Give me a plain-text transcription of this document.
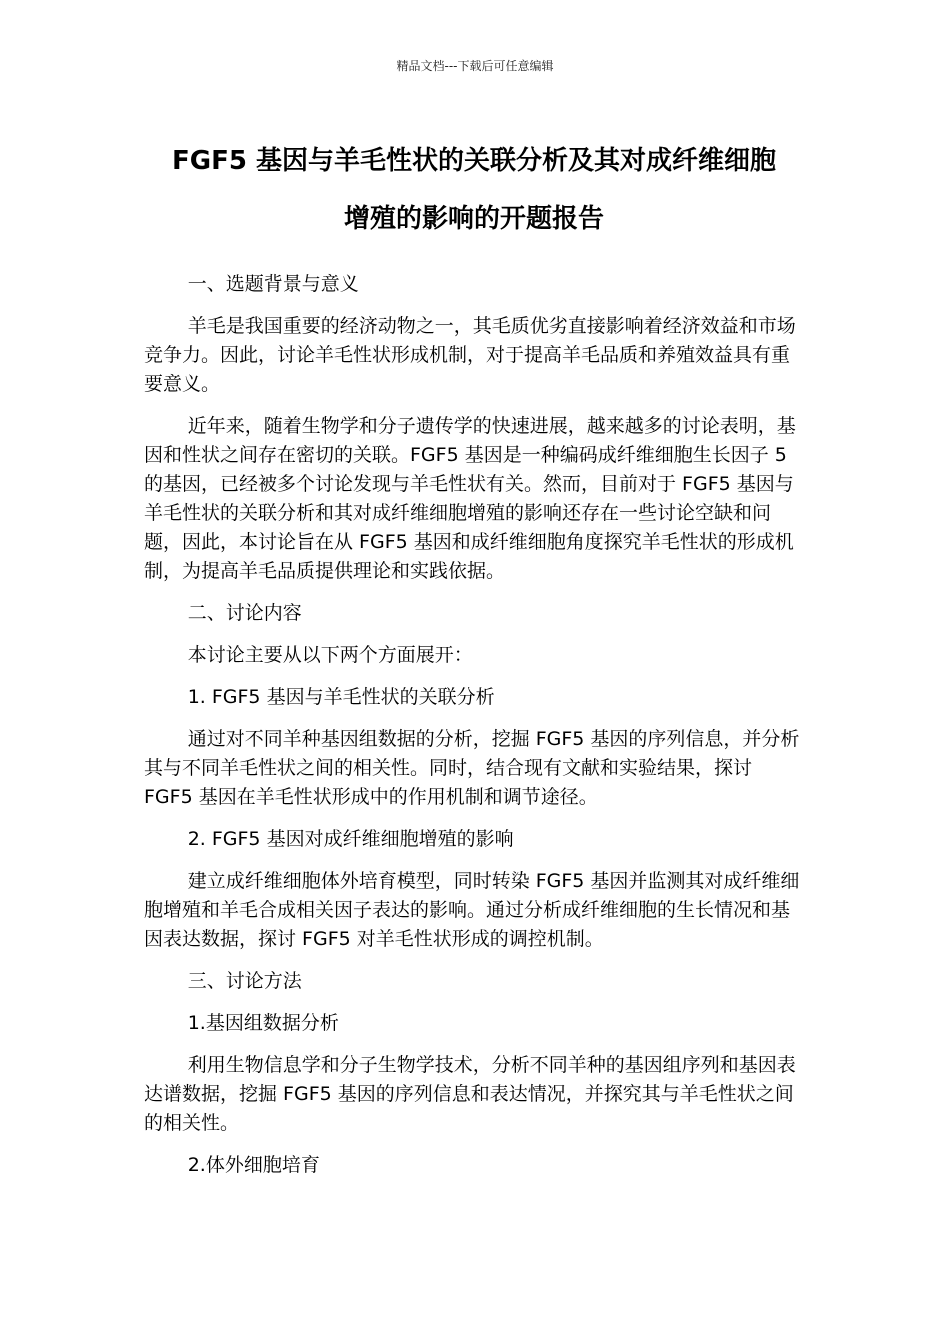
精品文档---下载后可任意编辑
FGF5 基因与羊毛性状的关联分析及其对成纤维细胞
增殖的影响的开题报告

一、选题背景与意义

羊毛是我国重要的经济动物之一，其毛质优劣直接影响着经济效益和市场竞争力。因此，讨论羊毛性状形成机制，对于提高羊毛品质和养殖效益具有重要意义。

近年来，随着生物学和分子遗传学的快速进展，越来越多的讨论表明，基因和性状之间存在密切的关联。FGF5 基因是一种编码成纤维细胞生长因子 5 的基因，已经被多个讨论发现与羊毛性状有关。然而，目前对于 FGF5 基因与羊毛性状的关联分析和其对成纤维细胞增殖的影响还存在一些讨论空缺和问题，因此，本讨论旨在从 FGF5 基因和成纤维细胞角度探究羊毛性状的形成机制，为提高羊毛品质提供理论和实践依据。

二、讨论内容

本讨论主要从以下两个方面展开：

1. FGF5 基因与羊毛性状的关联分析

通过对不同羊种基因组数据的分析，挖掘 FGF5 基因的序列信息，并分析其与不同羊毛性状之间的相关性。同时，结合现有文献和实验结果，探讨 FGF5 基因在羊毛性状形成中的作用机制和调节途径。

2. FGF5 基因对成纤维细胞增殖的影响

建立成纤维细胞体外培育模型，同时转染 FGF5 基因并监测其对成纤维细胞增殖和羊毛合成相关因子表达的影响。通过分析成纤维细胞的生长情况和基因表达数据，探讨 FGF5 对羊毛性状形成的调控机制。

三、讨论方法

1.基因组数据分析

利用生物信息学和分子生物学技术，分析不同羊种的基因组序列和基因表达谱数据，挖掘 FGF5 基因的序列信息和表达情况，并探究其与羊毛性状之间的相关性。

2.体外细胞培育
